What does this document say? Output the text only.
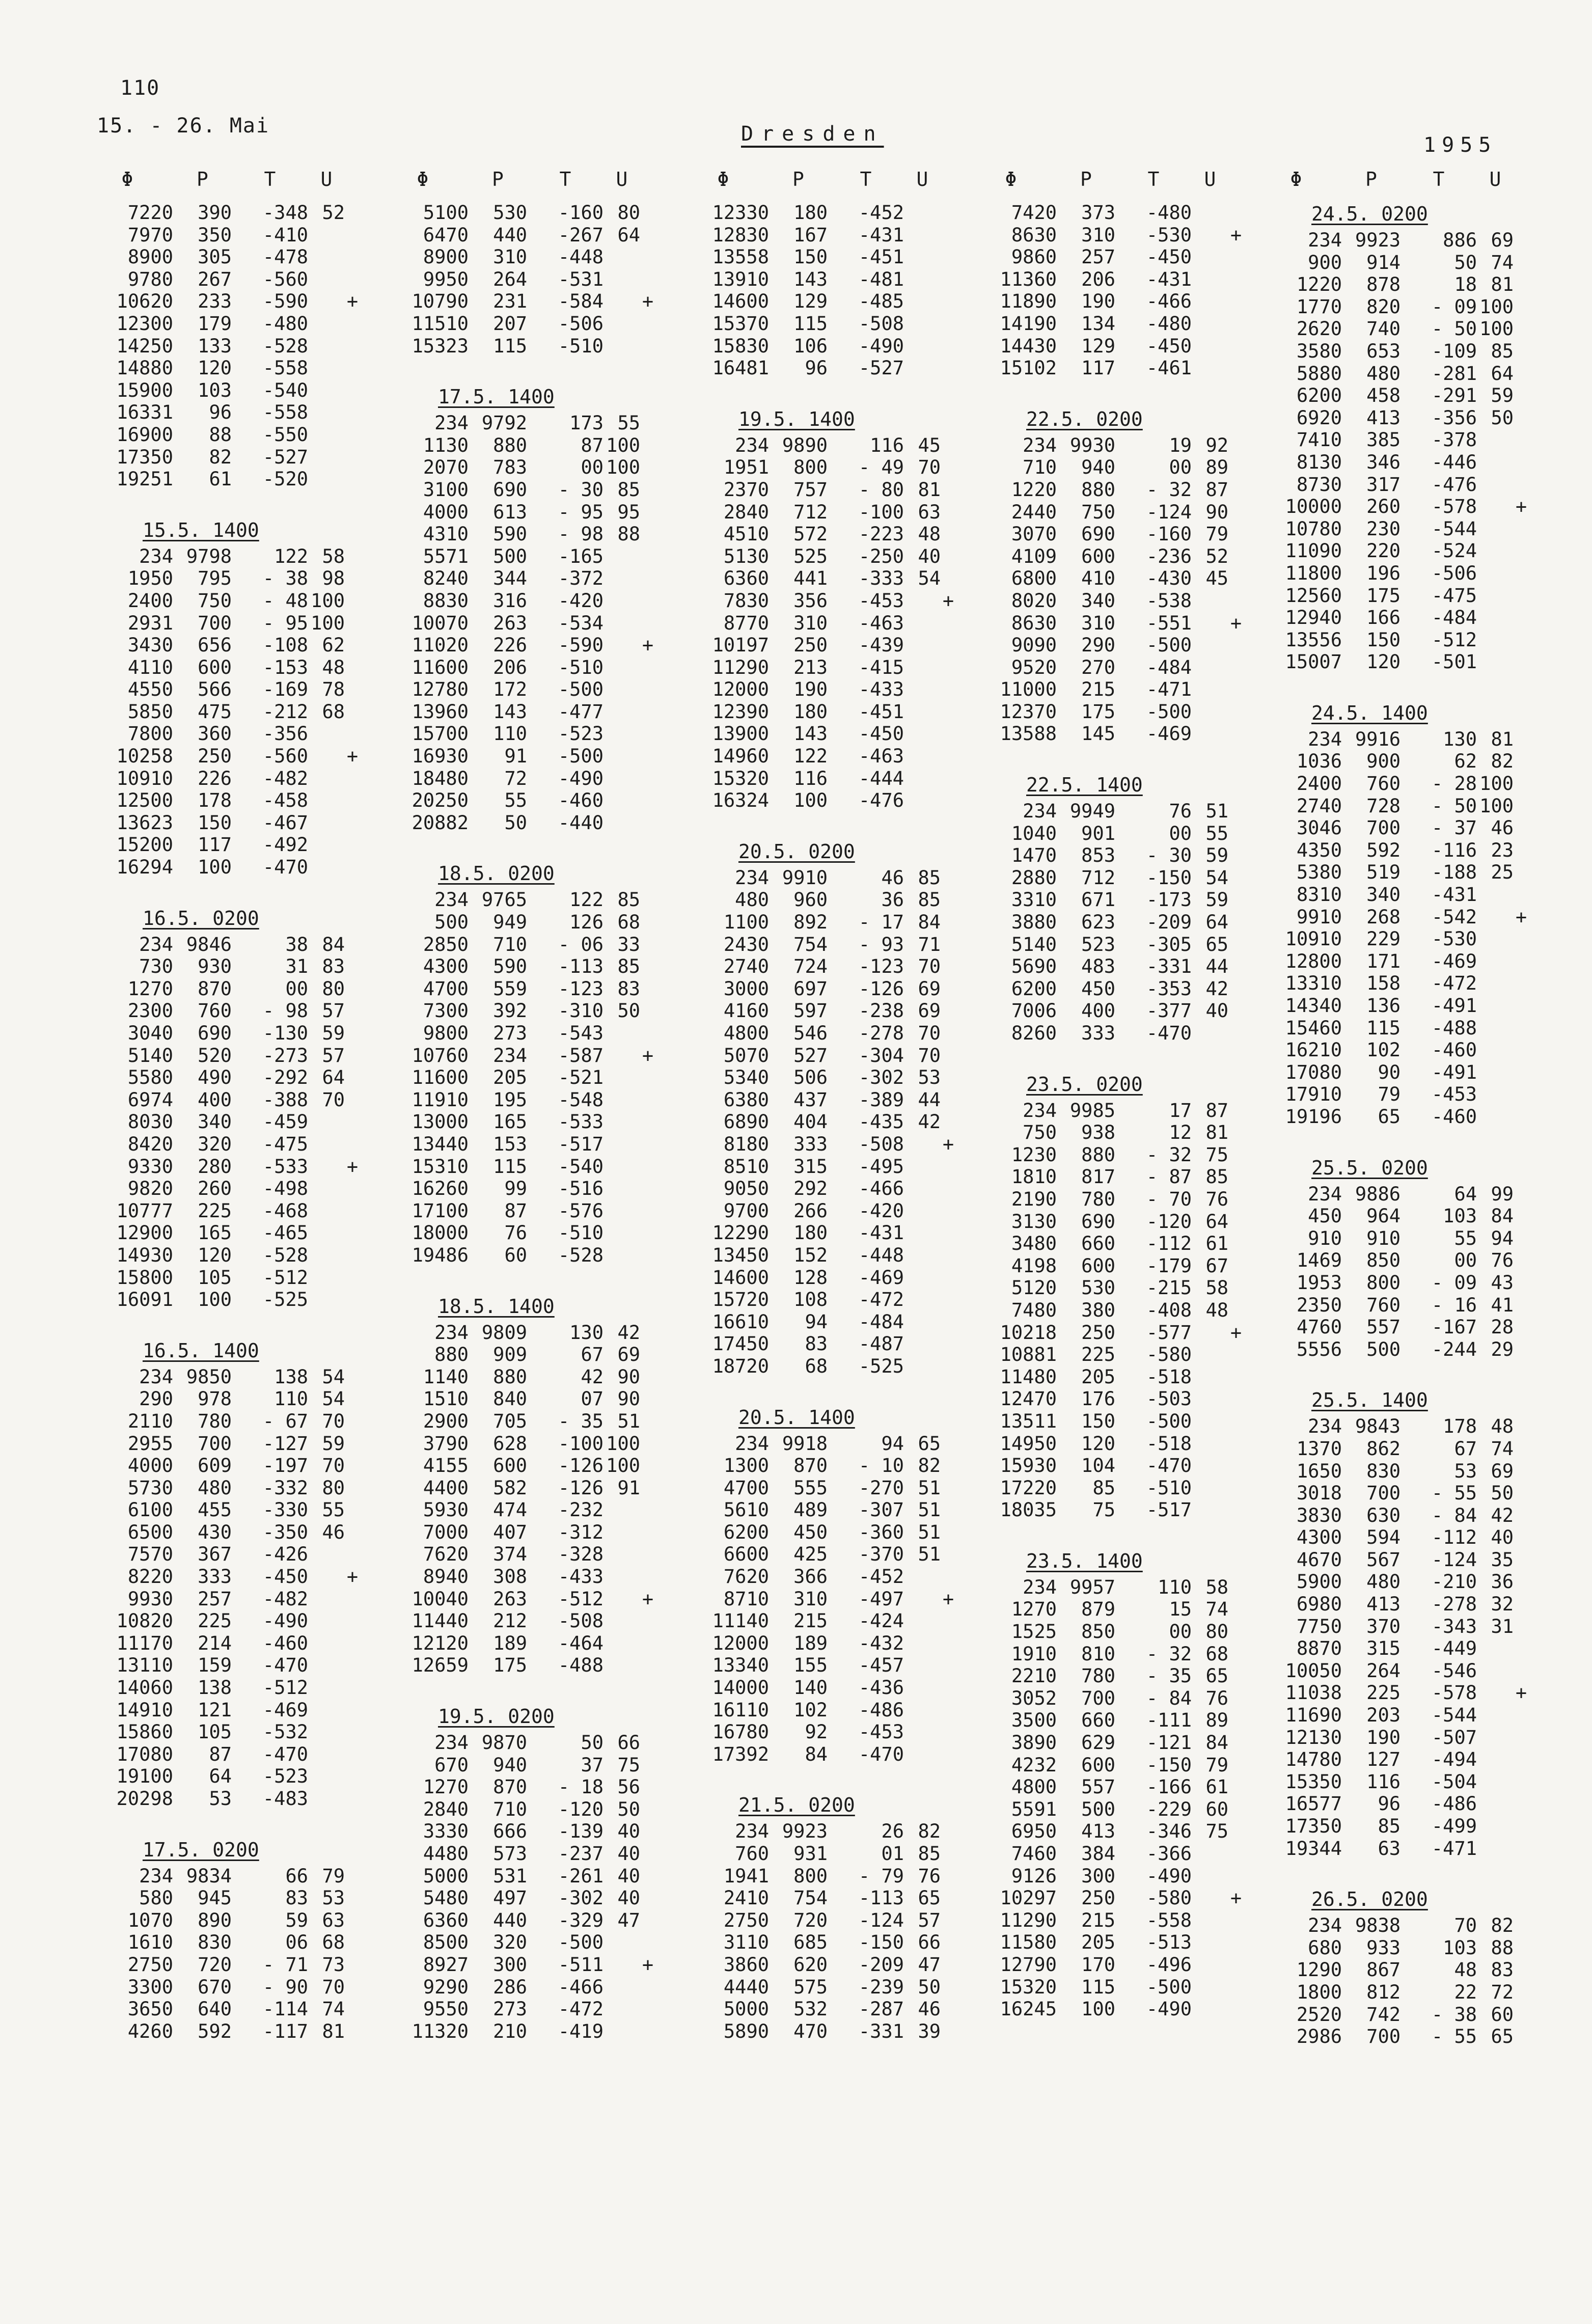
110
15. - 26. Mai	Dresden	1955
Φ	P	T	U
7220	390	-348 52
7970	350	-410
8900	305	-478
9780	267	-560
10620	233	-590 +
12300	179	-480
14250	133	-528
14880	120	-558
15900	103	-540
16331	96	-558
16900	88	-550
17350	82	-527
19251	61	-520
15.5. 1400
234 9798	122 58
1950	795	- 38 98
2400	750	- 48 100
2931	700	- 95 100
3430	656	-108 62
4110	600	-153 48
4550	566	-169 78
5850	475	-212 68
7800	360	-356
10258	250	-560 +
10910	226	-482
12500	178	-458
13623	150	-467
15200	117	-492
16294	100	-470
16.5. 0200
234 9846	38 84
730	930	31 83
1270	870	00 80
2300	760	- 98 57
3040	690	-130 59
5140	520	-273 57
5580	490	-292 64
6974	400	-388 70
8030	340	-459
8420	320	-475
9330	280	-533 +
9820	260	-498
10777	225	-468
12900	165	-465
14930	120	-528
15800	105	-512
16091	100	-525
16.5. 1400
234 9850	138 54
290	978	110 54
2110	780	- 67 70
2955	700	-127 59
4000	609	-197 70
5730	480	-332 80
6100	455	-330 55
6500	430	-350 46
7570	367	-426
8220	333	-450 +
9930	257	-482
10820	225	-490
11170	214	-460
13110	159	-470
14060	138	-512
14910	121	-469
15860	105	-532
17080	87	-470
19100	64	-523
20298	53	-483
17.5. 0200
234 9834	66 79
580	945	83 53
1070	890	59 63
1610	830	06 68
2750	720	- 71 73
3300	670	- 90 70
3650	640	-114 74
4260	592	-117 81
Φ	P	T	U
5100	530	-160 80
6470	440	-267 64
8900	310	-448
9950	264	-531
10790	231	-584 +
11510	207	-506
15323	115	-510
17.5. 1400
234 9792	173 55
1130	880	87 100
2070	783	00 100
3100	690	- 30 85
4000	613	- 95 95
4310	590	- 98 88
5571	500	-165
8240	344	-372
8830	316	-420
10070	263	-534
11020	226	-590 +
11600	206	-510
12780	172	-500
13960	143	-477
15700	110	-523
16930	91	-500
18480	72	-490
20250	55	-460
20882	50	-440
18.5. 0200
234 9765	122 85
500	949	126 68
2850	710	- 06 33
4300	590	-113 85
4700	559	-123 83
7300	392	-310 50
9800	273	-543
10760	234	-587 +
11600	205	-521
11910	195	-548
13000	165	-533
13440	153	-517
15310	115	-540
16260	99	-516
17100	87	-576
18000	76	-510
19486	60	-528
18.5. 1400
234 9809	130 42
880	909	67 69
1140	880	42 90
1510	840	07 90
2900	705	- 35 51
3790	628	-100 100
4155	600	-126 100
4400	582	-126 91
5930	474	-232
7000	407	-312
7620	374	-328
8940	308	-433
10040	263	-512 +
11440	212	-508
12120	189	-464
12659	175	-488
19.5. 0200
234 9870	50 66
670	940	37 75
1270	870	- 18 56
2840	710	-120 50
3330	666	-139 40
4480	573	-237 40
5000	531	-261 40
5480	497	-302 40
6360	440	-329 47
8500	320	-500
8927	300	-511 +
9290	286	-466
9550	273	-472
11320	210	-419
Φ	P	T	U
12330	180	-452
12830	167	-431
13558	150	-451
13910	143	-481
14600	129	-485
15370	115	-508
15830	106	-490
16481	96	-527
19.5. 1400
234 9890	116 45
1951	800	- 49 70
2370	757	- 80 81
2840	712	-100 63
4510	572	-223 48
5130	525	-250 40
6360	441	-333 54
7830	356	-453 +
8770	310	-463
10197	250	-439
11290	213	-415
12000	190	-433
12390	180	-451
13900	143	-450
14960	122	-463
15320	116	-444
16324	100	-476
20.5. 0200
234 9910	46 85
480	960	36 85
1100	892	- 17 84
2430	754	- 93 71
2740	724	-123 70
3000	697	-126 69
4160	597	-238 69
4800	546	-278 70
5070	527	-304 70
5340	506	-302 53
6380	437	-389 44
6890	404	-435 42
8180	333	-508 +
8510	315	-495
9050	292	-466
9700	266	-420
12290	180	-431
13450	152	-448
14600	128	-469
15720	108	-472
16610	94	-484
17450	83	-487
18720	68	-525
20.5. 1400
234 9918	94 65
1300	870	- 10 82
4700	555	-270 51
5610	489	-307 51
6200	450	-360 51
6600	425	-370 51
7620	366	-452
8710	310	-497 +
11140	215	-424
12000	189	-432
13340	155	-457
14000	140	-436
16110	102	-486
16780	92	-453
17392	84	-470
21.5. 0200
234 9923	26 82
760	931	01 85
1941	800	- 79 76
2410	754	-113 65
2750	720	-124 57
3110	685	-150 66
3860	620	-209 47
4440	575	-239 50
5000	532	-287 46
5890	470	-331 39
Φ	P	T	U
7420	373	-480
8630	310	-530 +
9860	257	-450
11360	206	-431
11890	190	-466
14190	134	-480
14430	129	-450
15102	117	-461
22.5. 0200
234 9930	19 92
710	940	00 89
1220	880	- 32 87
2440	750	-124 90
3070	690	-160 79
4109	600	-236 52
6800	410	-430 45
8020	340	-538
8630	310	-551 +
9090	290	-500
9520	270	-484
11000	215	-471
12370	175	-500
13588	145	-469
22.5. 1400
234 9949	76 51
1040	901	00 55
1470	853	- 30 59
2880	712	-150 54
3310	671	-173 59
3880	623	-209 64
5140	523	-305 65
5690	483	-331 44
6200	450	-353 42
7006	400	-377 40
8260	333	-470
23.5. 0200
234 9985	17 87
750	938	12 81
1230	880	- 32 75
1810	817	- 87 85
2190	780	- 70 76
3130	690	-120 64
3480	660	-112 61
4198	600	-179 67
5120	530	-215 58
7480	380	-408 48
10218	250	-577 +
10881	225	-580
11480	205	-518
12470	176	-503
13511	150	-500
14950	120	-518
15930	104	-470
17220	85	-510
18035	75	-517
23.5. 1400
234 9957	110 58
1270	879	15 74
1525	850	00 80
1910	810	- 32 68
2210	780	- 35 65
3052	700	- 84 76
3500	660	-111 89
3890	629	-121 84
4232	600	-150 79
4800	557	-166 61
5591	500	-229 60
6950	413	-346 75
7460	384	-366
9126	300	-490
10297	250	-580 +
11290	215	-558
11580	205	-513
12790	170	-496
15320	115	-500
16245	100	-490
Φ	P	T	U
24.5. 0200
234 9923	886 69
900	914	50 74
1220	878	18 81
1770	820	- 09 100
2620	740	- 50 100
3580	653	-109 85
5880	480	-281 64
6200	458	-291 59
6920	413	-356 50
7410	385	-378
8130	346	-446
8730	317	-476
10000	260	-578 +
10780	230	-544
11090	220	-524
11800	196	-506
12560	175	-475
12940	166	-484
13556	150	-512
15007	120	-501
24.5. 1400
234 9916	130 81
1036	900	62 82
2400	760	- 28 100
2740	728	- 50 100
3046	700	- 37 46
4350	592	-116 23
5380	519	-188 25
8310	340	-431
9910	268	-542 +
10910	229	-530
12800	171	-469
13310	158	-472
14340	136	-491
15460	115	-488
16210	102	-460
17080	90	-491
17910	79	-453
19196	65	-460
25.5. 0200
234 9886	64 99
450	964	103 84
910	910	55 94
1469	850	00 76
1953	800	- 09 43
2350	760	- 16 41
4760	557	-167 28
5556	500	-244 29
25.5. 1400
234 9843	178 48
1370	862	67 74
1650	830	53 69
3018	700	- 55 50
3830	630	- 84 42
4300	594	-112 40
4670	567	-124 35
5900	480	-210 36
6980	413	-278 32
7750	370	-343 31
8870	315	-449
10050	264	-546
11038	225	-578 +
11690	203	-544
12130	190	-507
14780	127	-494
15350	116	-504
16577	96	-486
17350	85	-499
19344	63	-471
26.5. 0200
234 9838	70 82
680	933	103 88
1290	867	48 83
1800	812	22 72
2520	742	- 38 60
2986	700	- 55 65
